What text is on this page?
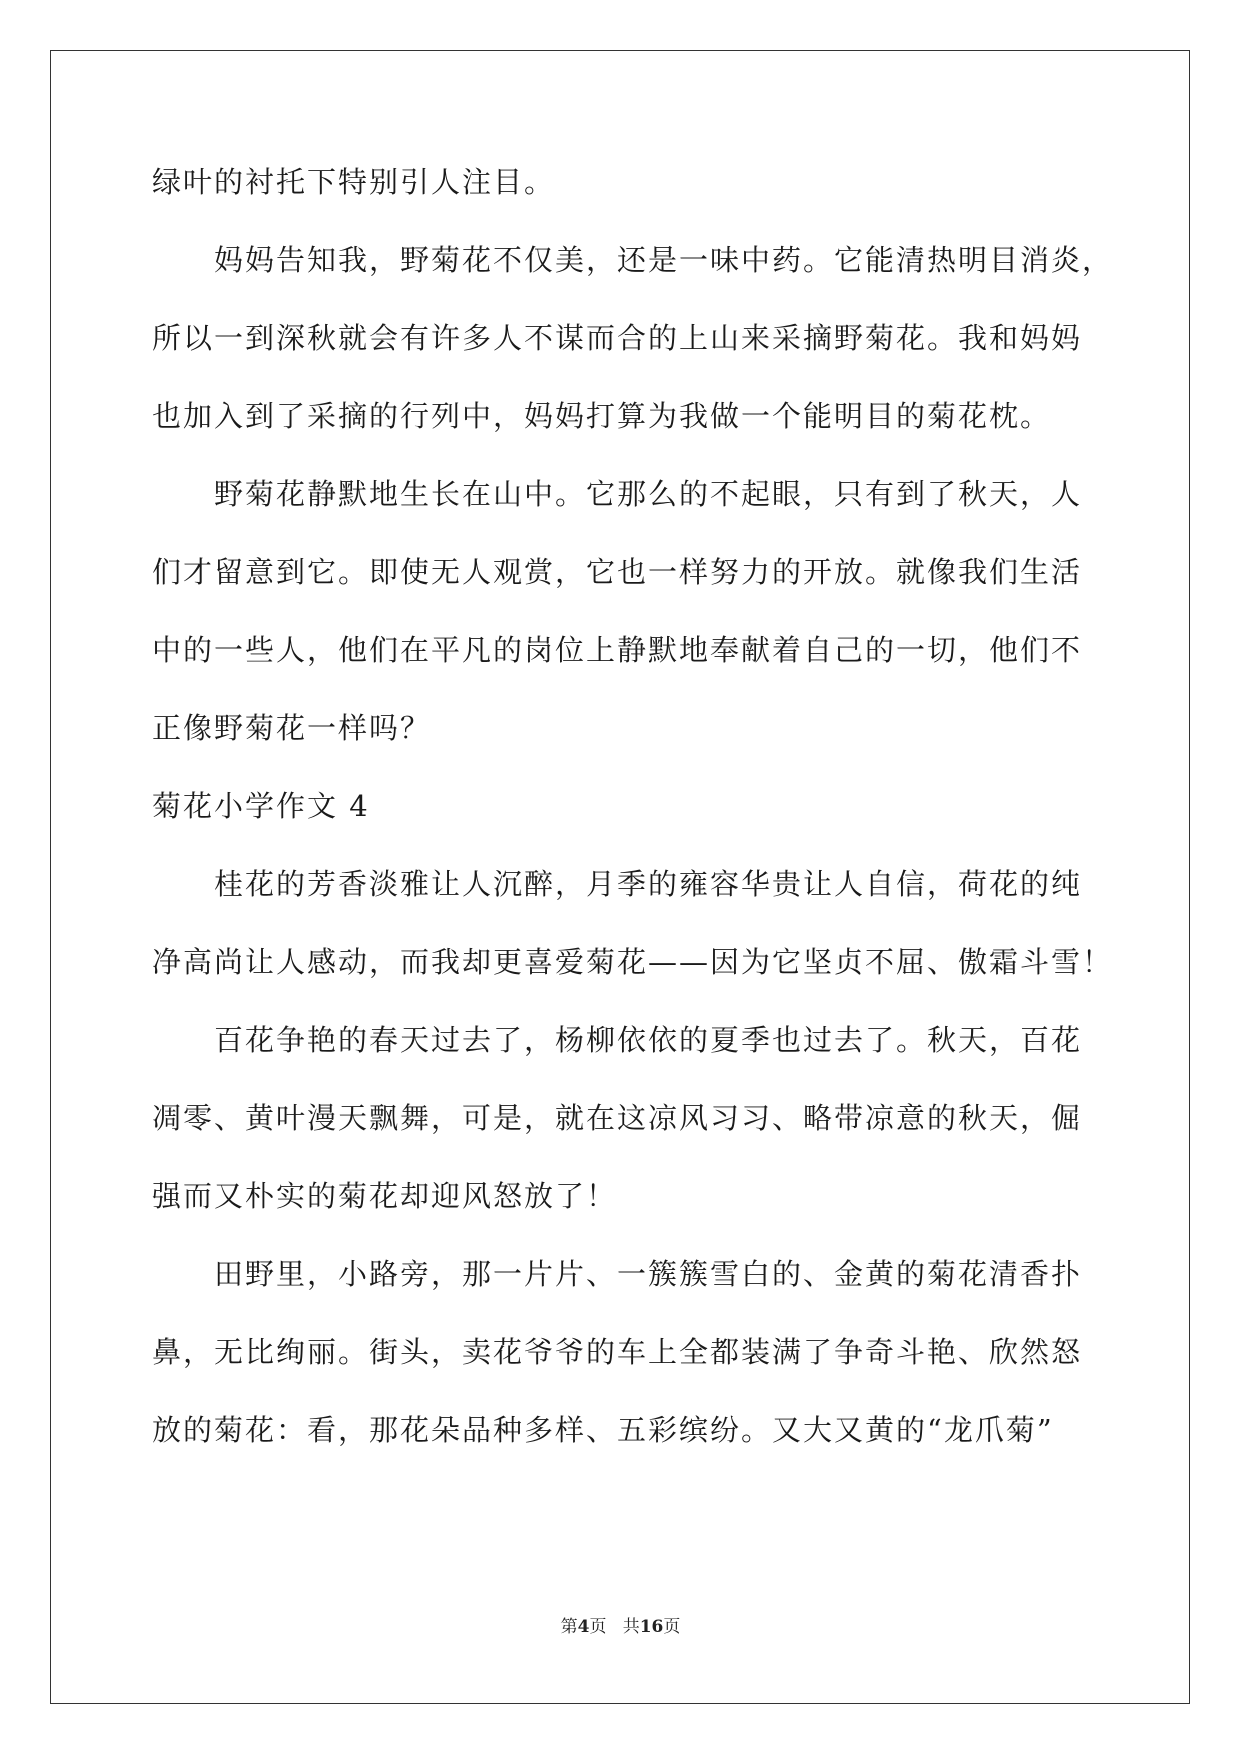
绿叶的衬托下特别引人注目。
　　妈妈告知我，野菊花不仅美，还是一味中药。它能清热明目消炎，
所以一到深秋就会有许多人不谋而合的上山来采摘野菊花。我和妈妈
也加入到了采摘的行列中，妈妈打算为我做一个能明目的菊花枕。
　　野菊花静默地生长在山中。它那么的不起眼，只有到了秋天，人
们才留意到它。即使无人观赏，它也一样努力的开放。就像我们生活
中的一些人，他们在平凡的岗位上静默地奉献着自己的一切，他们不
正像野菊花一样吗？
菊花小学作文 4
　　桂花的芳香淡雅让人沉醉，月季的雍容华贵让人自信，荷花的纯
净高尚让人感动，而我却更喜爱菊花——因为它坚贞不屈、傲霜斗雪！
　　百花争艳的春天过去了，杨柳依依的夏季也过去了。秋天，百花
凋零、黄叶漫天飘舞，可是，就在这凉风习习、略带凉意的秋天，倔
强而又朴实的菊花却迎风怒放了！
　　田野里，小路旁，那一片片、一簇簇雪白的、金黄的菊花清香扑
鼻，无比绚丽。街头，卖花爷爷的车上全都装满了争奇斗艳、欣然怒
放的菊花：看，那花朵品种多样、五彩缤纷。又大又黄的“龙爪菊”
第4页 共16页
